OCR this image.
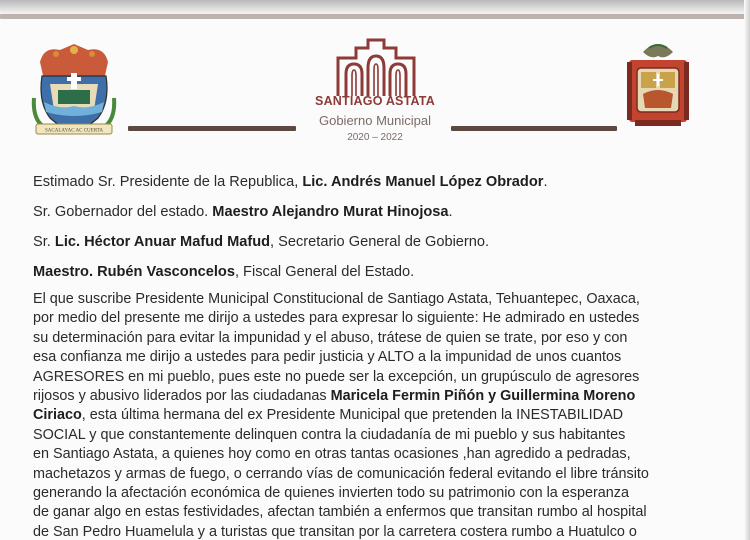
SACALAYAC AC CUERTA
SANTIAGO ASTATA
Gobierno Municipal
2020 – 2022
Estimado Sr. Presidente de la Republica, Lic. Andrés Manuel López Obrador.
Sr. Gobernador del estado. Maestro Alejandro Murat Hinojosa.
Sr. Lic. Héctor Anuar Mafud Mafud, Secretario General de Gobierno.
Maestro. Rubén Vasconcelos, Fiscal General del Estado.
El que suscribe Presidente Municipal Constitucional de Santiago Astata, Tehuantepec, Oaxaca,
por medio del presente me dirijo a ustedes para expresar lo siguiente: He admirado en ustedes
su determinación para evitar la impunidad y el abuso, trátese de quien se trate, por eso y con
esa confianza me dirijo a ustedes para pedir justicia y ALTO a la impunidad de unos cuantos
AGRESORES en mi pueblo, pues este no puede ser la excepción, un grupúsculo de agresores
rijosos y abusivo liderados por las ciudadanas Maricela Fermin Piñón y Guillermina Moreno
Ciriaco, esta última hermana del ex Presidente Municipal que pretenden la INESTABILIDAD
SOCIAL y que constantemente delinquen contra la ciudadanía de mi pueblo y sus habitantes
en Santiago Astata, a quienes hoy como en otras tantas ocasiones ,han agredido a pedradas,
machetazos y armas de fuego, o cerrando vías de comunicación federal evitando el libre tránsito
generando la afectación económica de quienes invierten todo su patrimonio con la esperanza
de ganar algo en estas festividades, afectan también a enfermos que transitan rumbo al hospital
de San Pedro Huamelula y a turistas que transitan por la carretera costera rumbo a Huatulco o
